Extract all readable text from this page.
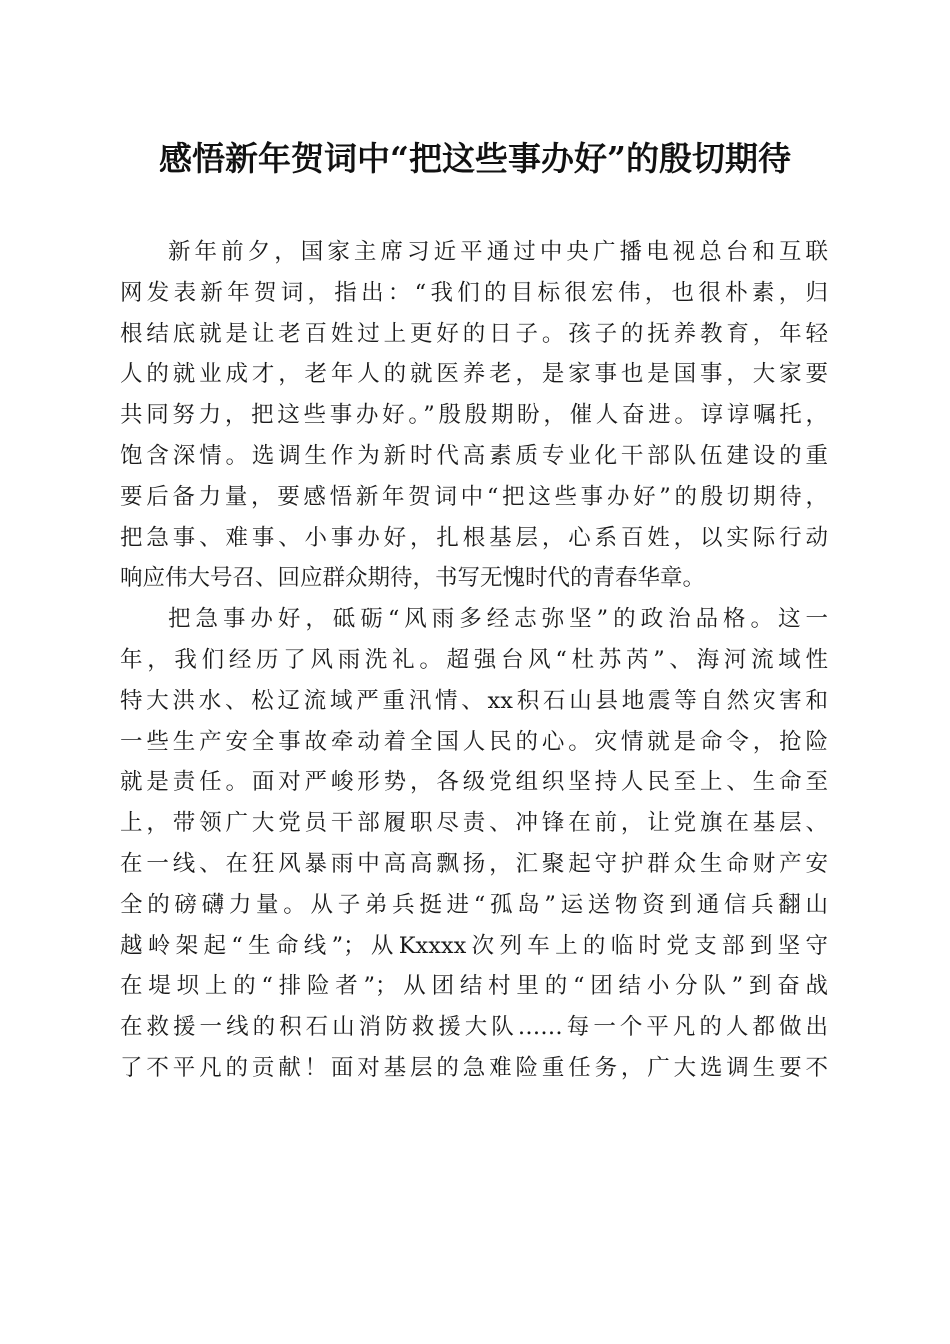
感悟新年贺词中“把这些事办好”的殷切期待
新年前夕，国家主席习近平通过中央广播电视总台和互联
网发表新年贺词，指出：“我们的目标很宏伟，也很朴素，归
根结底就是让老百姓过上更好的日子。孩子的抚养教育，年轻
人的就业成才，老年人的就医养老，是家事也是国事，大家要
共同努力，把这些事办好。”殷殷期盼，催人奋进。谆谆嘱托，
饱含深情。选调生作为新时代高素质专业化干部队伍建设的重
要后备力量，要感悟新年贺词中“把这些事办好”的殷切期待，
把急事、难事、小事办好，扎根基层，心系百姓，以实际行动
响应伟大号召、回应群众期待，书写无愧时代的青春华章。
把急事办好，砥砺“风雨多经志弥坚”的政治品格。这一
年，我们经历了风雨洗礼。超强台风“杜苏芮”、海河流域性
特大洪水、松辽流域严重汛情、xx积石山县地震等自然灾害和
一些生产安全事故牵动着全国人民的心。灾情就是命令，抢险
就是责任。面对严峻形势，各级党组织坚持人民至上、生命至
上，带领广大党员干部履职尽责、冲锋在前，让党旗在基层、
在一线、在狂风暴雨中高高飘扬，汇聚起守护群众生命财产安
全的磅礴力量。从子弟兵挺进“孤岛”运送物资到通信兵翻山
越岭架起“生命线”；从Kxxxx次列车上的临时党支部到坚守
在堤坝上的“排险者”；从团结村里的“团结小分队”到奋战
在救援一线的积石山消防救援大队……每一个平凡的人都做出
了不平凡的贡献！面对基层的急难险重任务，广大选调生要不
